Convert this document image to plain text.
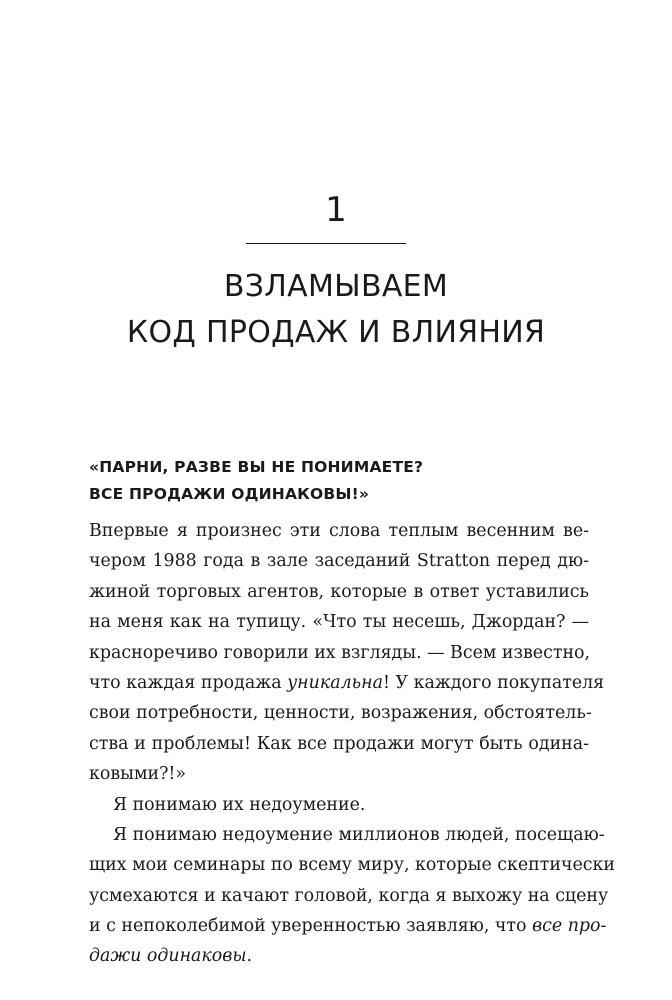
1
ВЗЛАМЫВАЕМ
КОД ПРОДАЖ И ВЛИЯНИЯ
«ПАРНИ, РАЗВЕ ВЫ НЕ ПОНИМАЕТЕ?
ВСЕ ПРОДАЖИ ОДИНАКОВЫ!»
Впервые я произнес эти слова теплым весенним ве-
чером 1988 года в зале заседаний Stratton перед дю-
жиной торговых агентов, которые в ответ уставились
на меня как на тупицу. «Что ты несешь, Джордан? —
красноречиво говорили их взгляды. — Всем известно,
что каждая продажа уникальна! У каждого покупателя
свои потребности, ценности, возражения, обстоятель-
ства и проблемы! Как все продажи могут быть одина-
ковыми?!»
Я понимаю их недоумение.
Я понимаю недоумение миллионов людей, посещаю-
щих мои семинары по всему миру, которые скептически
усмехаются и качают головой, когда я выхожу на сцену
и с непоколебимой уверенностью заявляю, что все про-
дажи одинаковы.
